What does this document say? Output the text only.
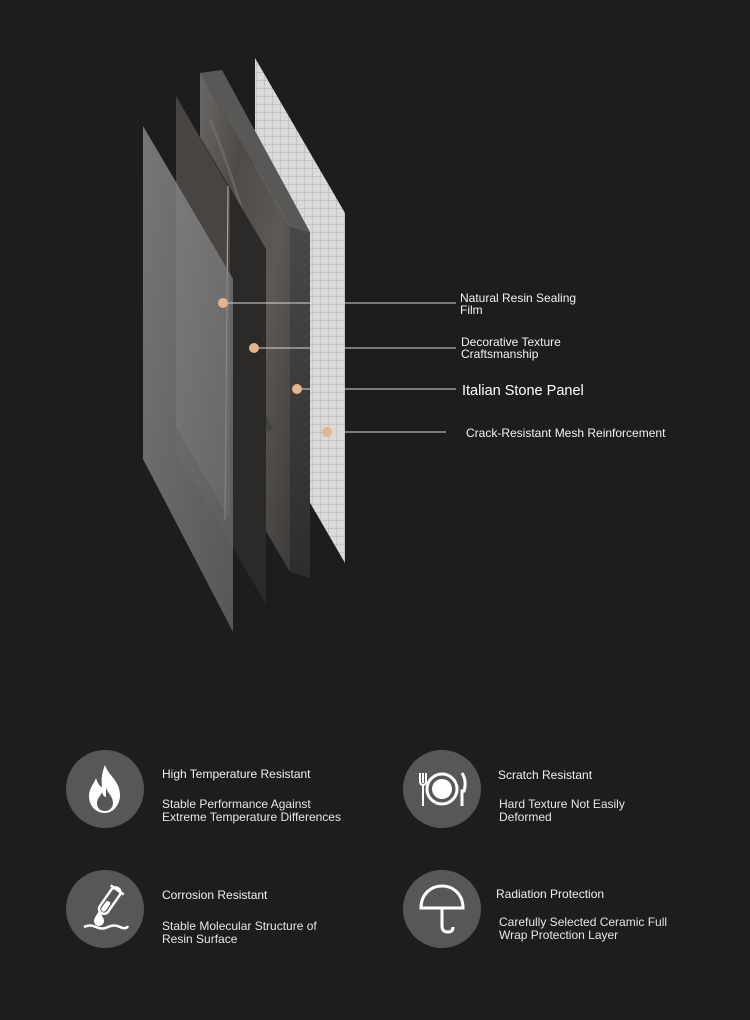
Natural Resin Sealing
Film
Decorative Texture
Craftsmanship
Italian Stone Panel
Crack-Resistant Mesh Reinforcement
High Temperature Resistant
Stable Performance Against
Extreme Temperature Differences
Scratch Resistant
Hard Texture Not Easily
Deformed
Corrosion Resistant
Stable Molecular Structure of
Resin Surface
Radiation Protection
Carefully Selected Ceramic Full
Wrap Protection Layer
